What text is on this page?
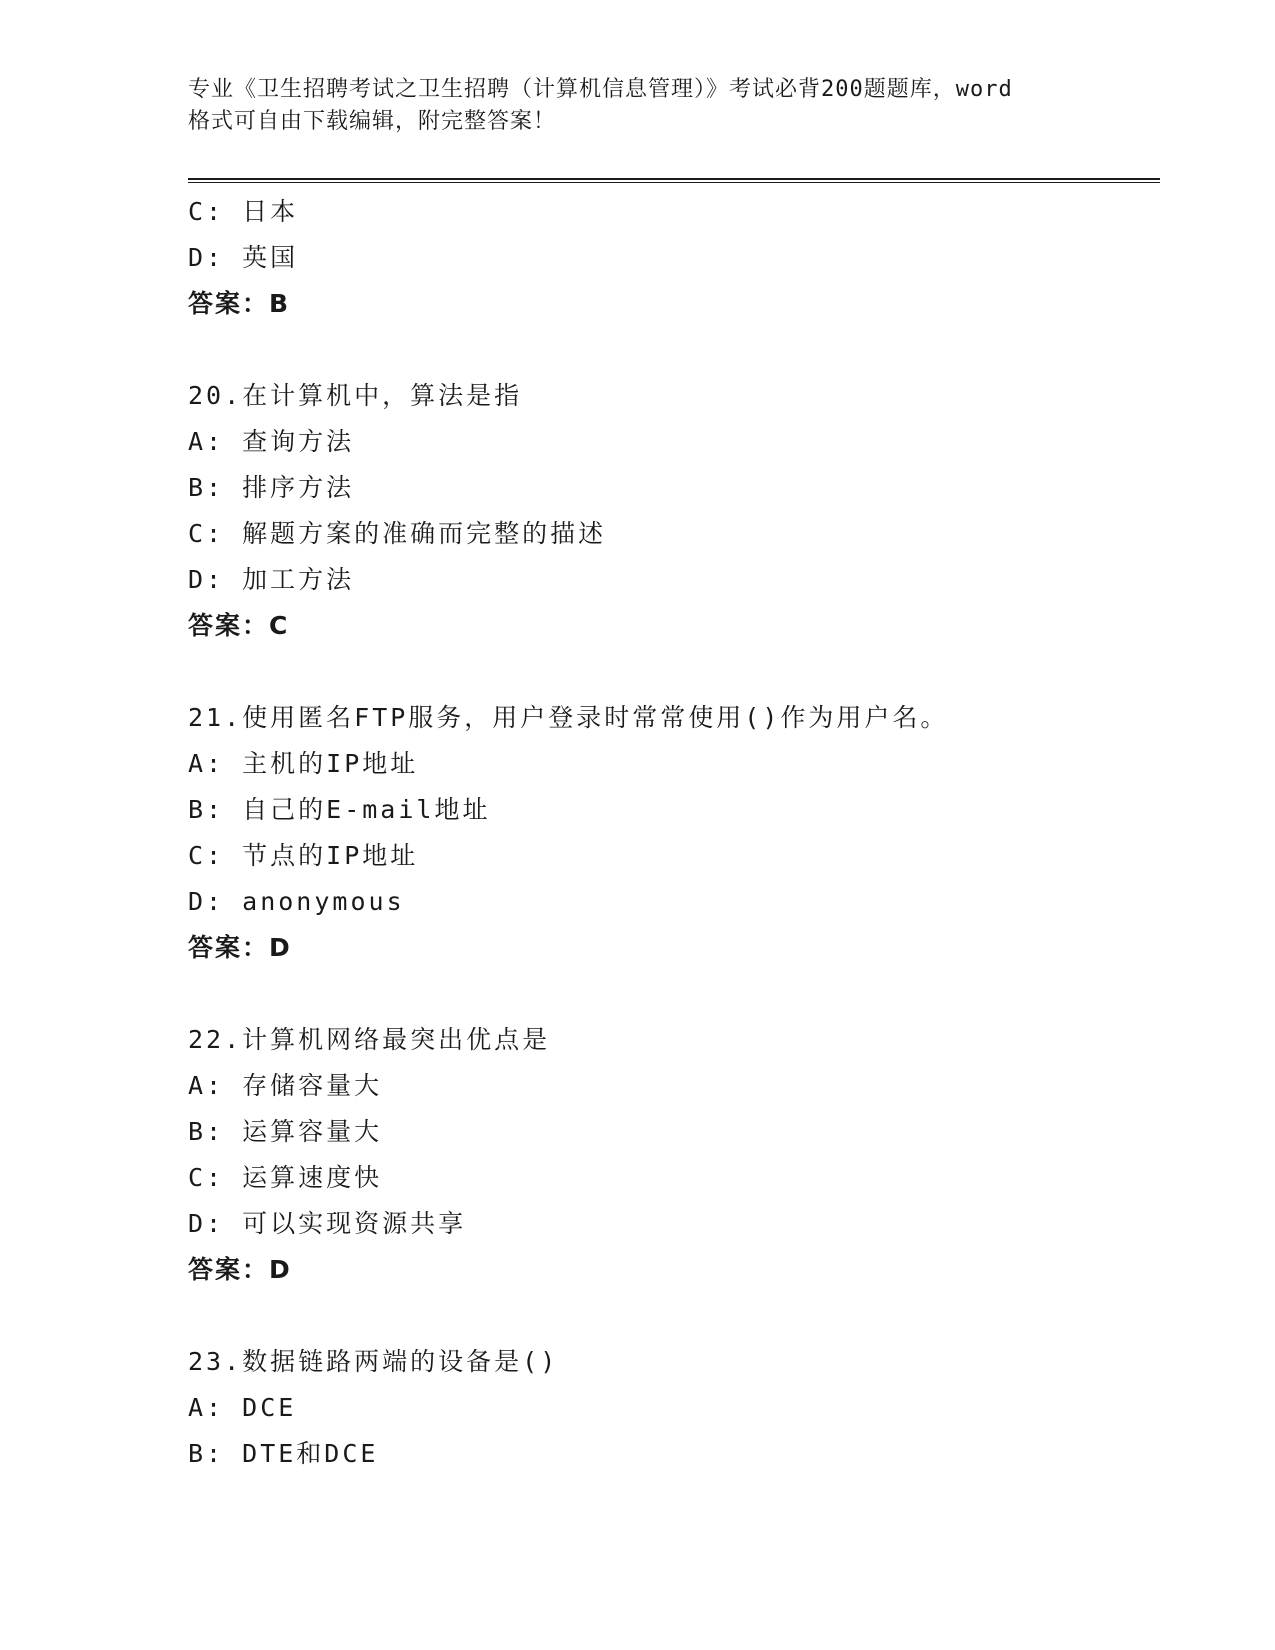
专业《卫生招聘考试之卫生招聘（计算机信息管理）》考试必背200题题库，word
格式可自由下载编辑，附完整答案！
C: 日本
D: 英国
答案：B
20.在计算机中，算法是指
A: 查询方法
B: 排序方法
C: 解题方案的准确而完整的描述
D: 加工方法
答案：C
21.使用匿名FTP服务，用户登录时常常使用()作为用户名。
A: 主机的IP地址
B: 自己的E-mail地址
C: 节点的IP地址
D: anonymous
答案：D
22.计算机网络最突出优点是
A: 存储容量大
B: 运算容量大
C: 运算速度快
D: 可以实现资源共享
答案：D
23.数据链路两端的设备是()
A: DCE
B: DTE和DCE
